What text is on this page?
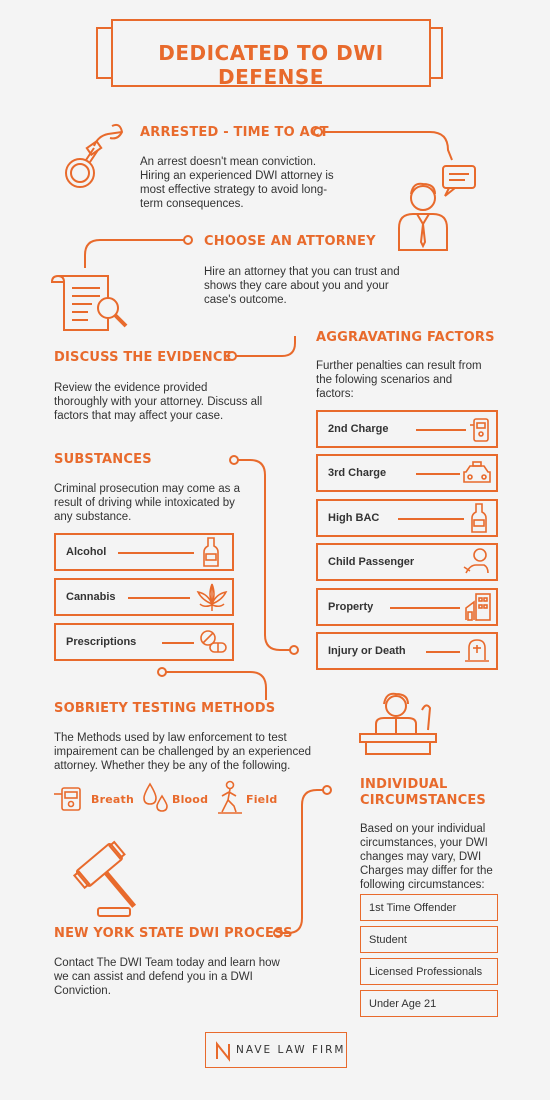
DEDICATED TO DWI DEFENSE
ARRESTED - TIME TO ACT
An arrest doesn't mean conviction. Hiring an experienced DWI attorney is most effective strategy to avoid long-term consequences.
CHOOSE AN ATTORNEY
Hire an attorney that you can trust and shows they care about you and your case's outcome.
DISCUSS THE EVIDENCE
Review the evidence provided thoroughly with your attorney. Discuss all factors that may affect your case.
AGGRAVATING FACTORS
Further penalties can result from the folowing scenarios and factors:
2nd Charge
3rd Charge
High BAC
Child Passenger
Property
Injury or Death
SUBSTANCES
Criminal prosecution may come as a result of driving while intoxicated by any substance.
Alcohol
Cannabis
Prescriptions
SOBRIETY TESTING METHODS
The Methods used by law enforcement to test impairement can be challenged by an experienced attorney. Whether they be any of the following.
Breath	Blood	Field
INDIVIDUAL
CIRCUMSTANCES
Based on your individual circumstances, your DWI changes may vary, DWI Charges may differ for the following circumstances:
1st Time Offender
Student
Licensed Professionals
Under Age 21
NEW YORK STATE DWI PROCESS
Contact The DWI Team today and learn how we can assist and defend you in a DWI Conviction.
NAVE LAW FIRM
